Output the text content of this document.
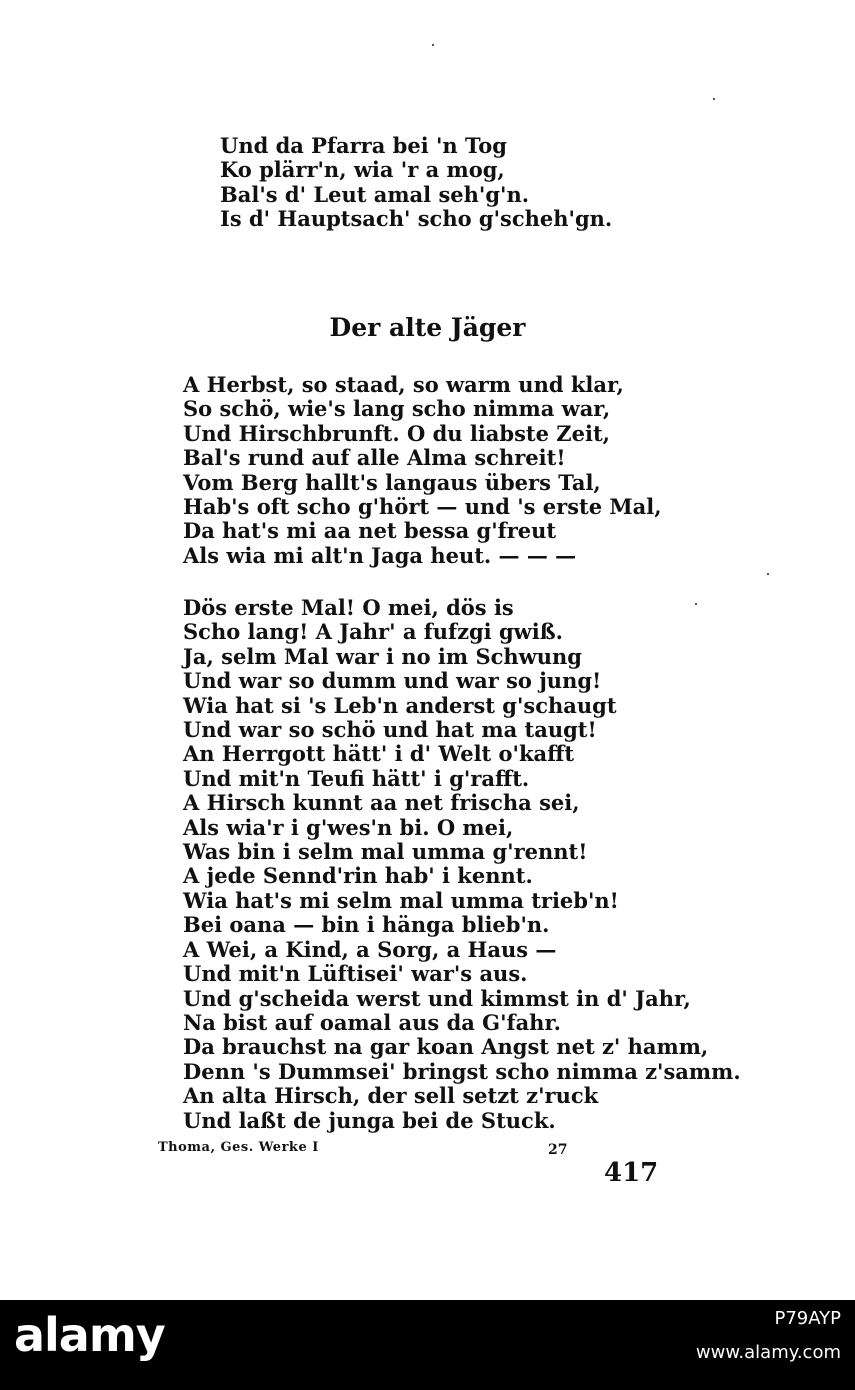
Und da Pfarra bei 'n Tog
Ko plärr'n, wia 'r a mog,
Bal's d' Leut amal seh'g'n.
Is d' Hauptsach' scho g'scheh'gn.
Der alte Jäger
A Herbst, so staad, so warm und klar,
So schö, wie's lang scho nimma war,
Und Hirschbrunft. O du liabste Zeit,
Bal's rund auf alle Alma schreit!
Vom Berg hallt's langaus übers Tal,
Hab's oft scho g'hört — und 's erste Mal,
Da hat's mi aa net bessa g'freut
Als wia mi alt'n Jaga heut. — — —
Dös erste Mal! O mei, dös is
Scho lang! A Jahr' a fufzgi gwiß.
Ja, selm Mal war i no im Schwung
Und war so dumm und war so jung!
Wia hat si 's Leb'n anderst g'schaugt
Und war so schö und hat ma taugt!
An Herrgott hätt' i d' Welt o'kafft
Und mit'n Teufi hätt' i g'rafft.
A Hirsch kunnt aa net frischa sei,
Als wia'r i g'wes'n bi. O mei,
Was bin i selm mal umma g'rennt!
A jede Sennd'rin hab' i kennt.
Wia hat's mi selm mal umma trieb'n!
Bei oana — bin i hänga blieb'n.
A Wei, a Kind, a Sorg, a Haus —
Und mit'n Lüftisei' war's aus.
Und g'scheida werst und kimmst in d' Jahr,
Na bist auf oamal aus da G'fahr.
Da brauchst na gar koan Angst net z' hamm,
Denn 's Dummsei' bringst scho nimma z'samm.
An alta Hirsch, der sell setzt z'ruck
Und laßt de junga bei de Stuck.
Thoma, Ges. Werke I	27
417
alamy	P79AYP
www.alamy.com
